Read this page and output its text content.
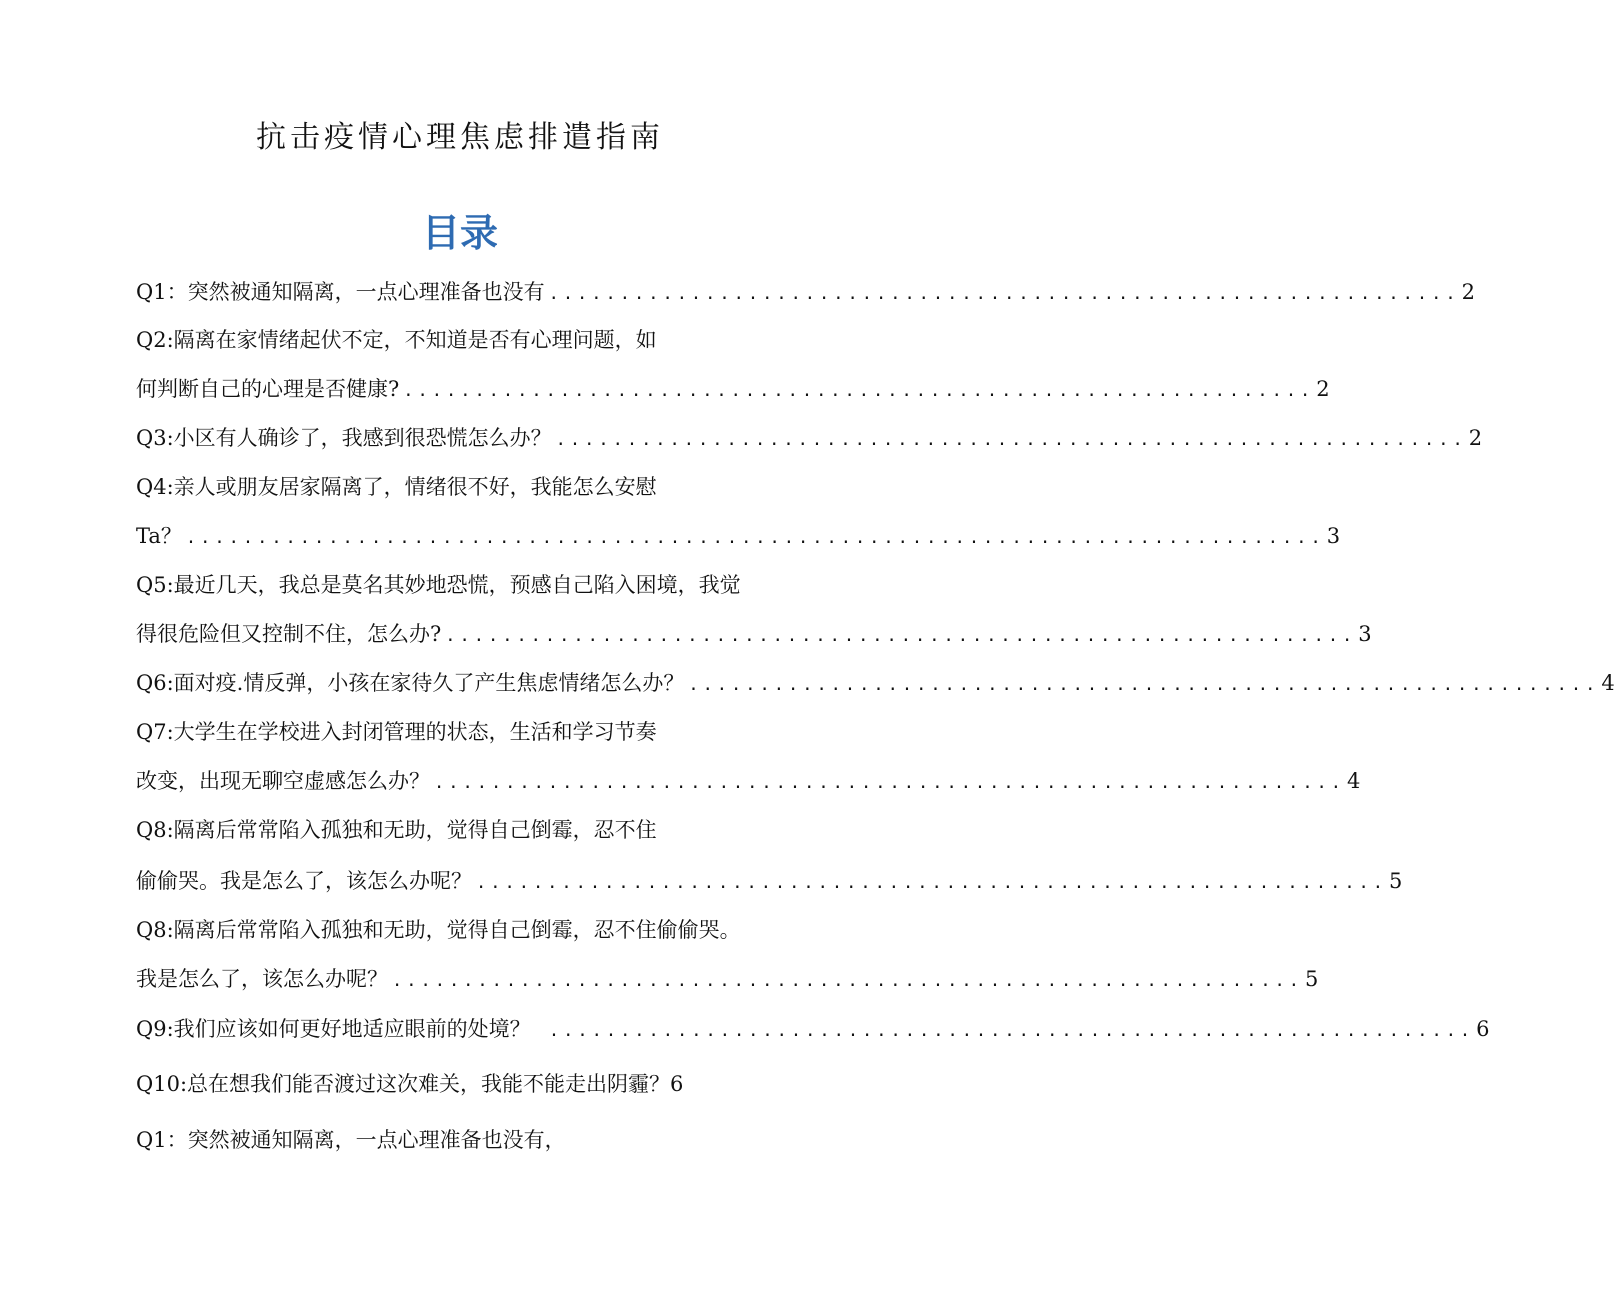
抗击疫情心理焦虑排遣指南
目录
Q1：突然被通知隔离，一点心理准备也没有 ................................................................ 2
Q2:隔离在家情绪起伏不定，不知道是否有心理问题，如
何判断自己的心理是否健康? ................................................................ 2
Q3:小区有人确诊了，我感到很恐慌怎么办？ ................................................................ 2
Q4:亲人或朋友居家隔离了，情绪很不好，我能怎么安慰
Ta？ ................................................................................ 3
Q5:最近几天，我总是莫名其妙地恐慌，预感自己陷入困境，我觉
得很危险但又控制不住，怎么办? ................................................................ 3
Q6:面对疫.情反弹，小孩在家待久了产生焦虑情绪怎么办？ ................................................................ 4
Q7:大学生在学校进入封闭管理的状态，生活和学习节奏
改变，出现无聊空虚感怎么办？ ................................................................ 4
Q8:隔离后常常陷入孤独和无助，觉得自己倒霉，忍不住
偷偷哭。我是怎么了，该怎么办呢？ ................................................................ 5
Q8:隔离后常常陷入孤独和无助，觉得自己倒霉，忍不住偷偷哭。
我是怎么了，该怎么办呢？ ................................................................ 5
Q9:我们应该如何更好地适应眼前的处境？ ................................................................. 6
Q10:总在想我们能否渡过这次难关，我能不能走出阴霾？6
Q1：突然被通知隔离，一点心理准备也没有，
